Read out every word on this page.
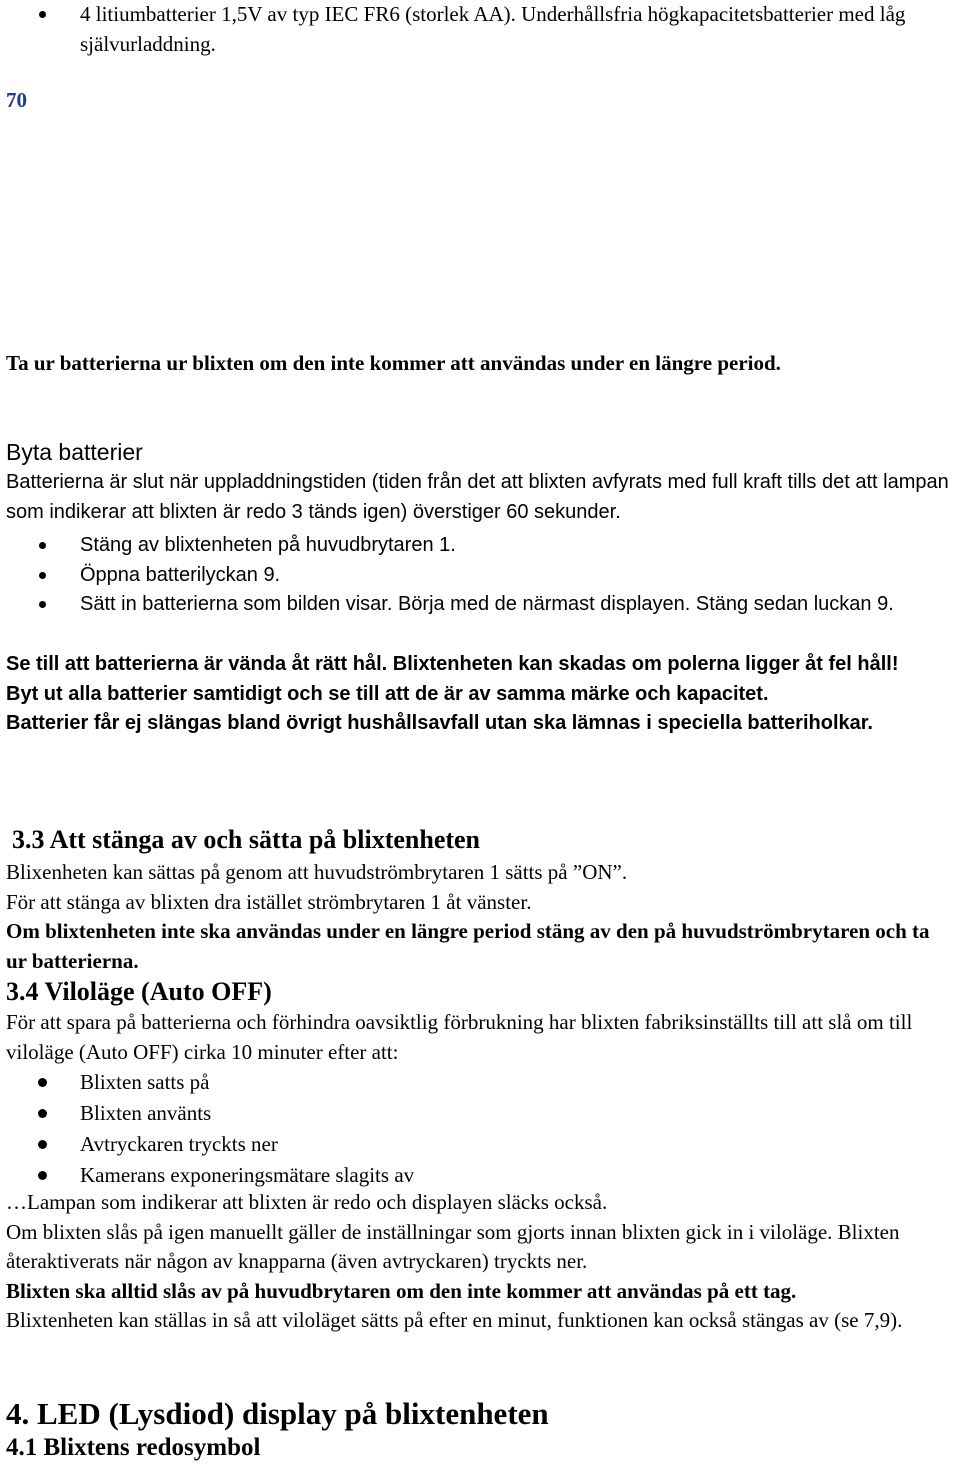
4 litiumbatterier 1,5V av typ IEC FR6 (storlek AA). Underhållsfria högkapacitetsbatterier med låg självurladdning.
70

Ta ur batterierna ur blixten om den inte kommer att användas under en längre period.

Byta batterier

Batterierna är slut när uppladdningstiden (tiden från det att blixten avfyrats med full kraft tills det att lampan som indikerar att blixten är redo 3 tänds igen) överstiger 60 sekunder.

Stäng av blixtenheten på huvudbrytaren 1.
Öppna batterilyckan 9.
Sätt in batterierna som bilden visar. Börja med de närmast displayen. Stäng sedan luckan 9.

Se till att batterierna är vända åt rätt hål. Blixtenheten kan skadas om polerna ligger åt fel håll!

Byt ut alla batterier samtidigt och se till att de är av samma märke och kapacitet.

Batterier får ej slängas bland övrigt hushållsavfall utan ska lämnas i speciella batteriholkar.

3.3 Att stänga av och sätta på blixtenheten

Blixenheten kan sättas på genom att huvudströmbrytaren 1 sätts på ”ON”.

För att stänga av blixten dra istället strömbrytaren 1 åt vänster.

Om blixtenheten inte ska användas under en längre period stäng av den på huvudströmbrytaren och ta ur batterierna.

3.4 Viloläge (Auto OFF)

För att spara på batterierna och förhindra oavsiktlig förbrukning har blixten fabriksinställts till att slå om till viloläge (Auto OFF) cirka 10 minuter efter att:

Blixten satts på
Blixten använts
Avtryckaren tryckts ner
Kamerans exponeringsmätare slagits av

…Lampan som indikerar att blixten är redo och displayen släcks också.

Om blixten slås på igen manuellt gäller de inställningar som gjorts innan blixten gick in i viloläge. Blixten återaktiverats när någon av knapparna (även avtryckaren) tryckts ner.

Blixten ska alltid slås av på huvudbrytaren om den inte kommer att användas på ett tag.

Blixtenheten kan ställas in så att viloläget sätts på efter en minut, funktionen kan också stängas av (se 7,9).

4. LED (Lysdiod) display på blixtenheten
4.1 Blixtens redosymbol
